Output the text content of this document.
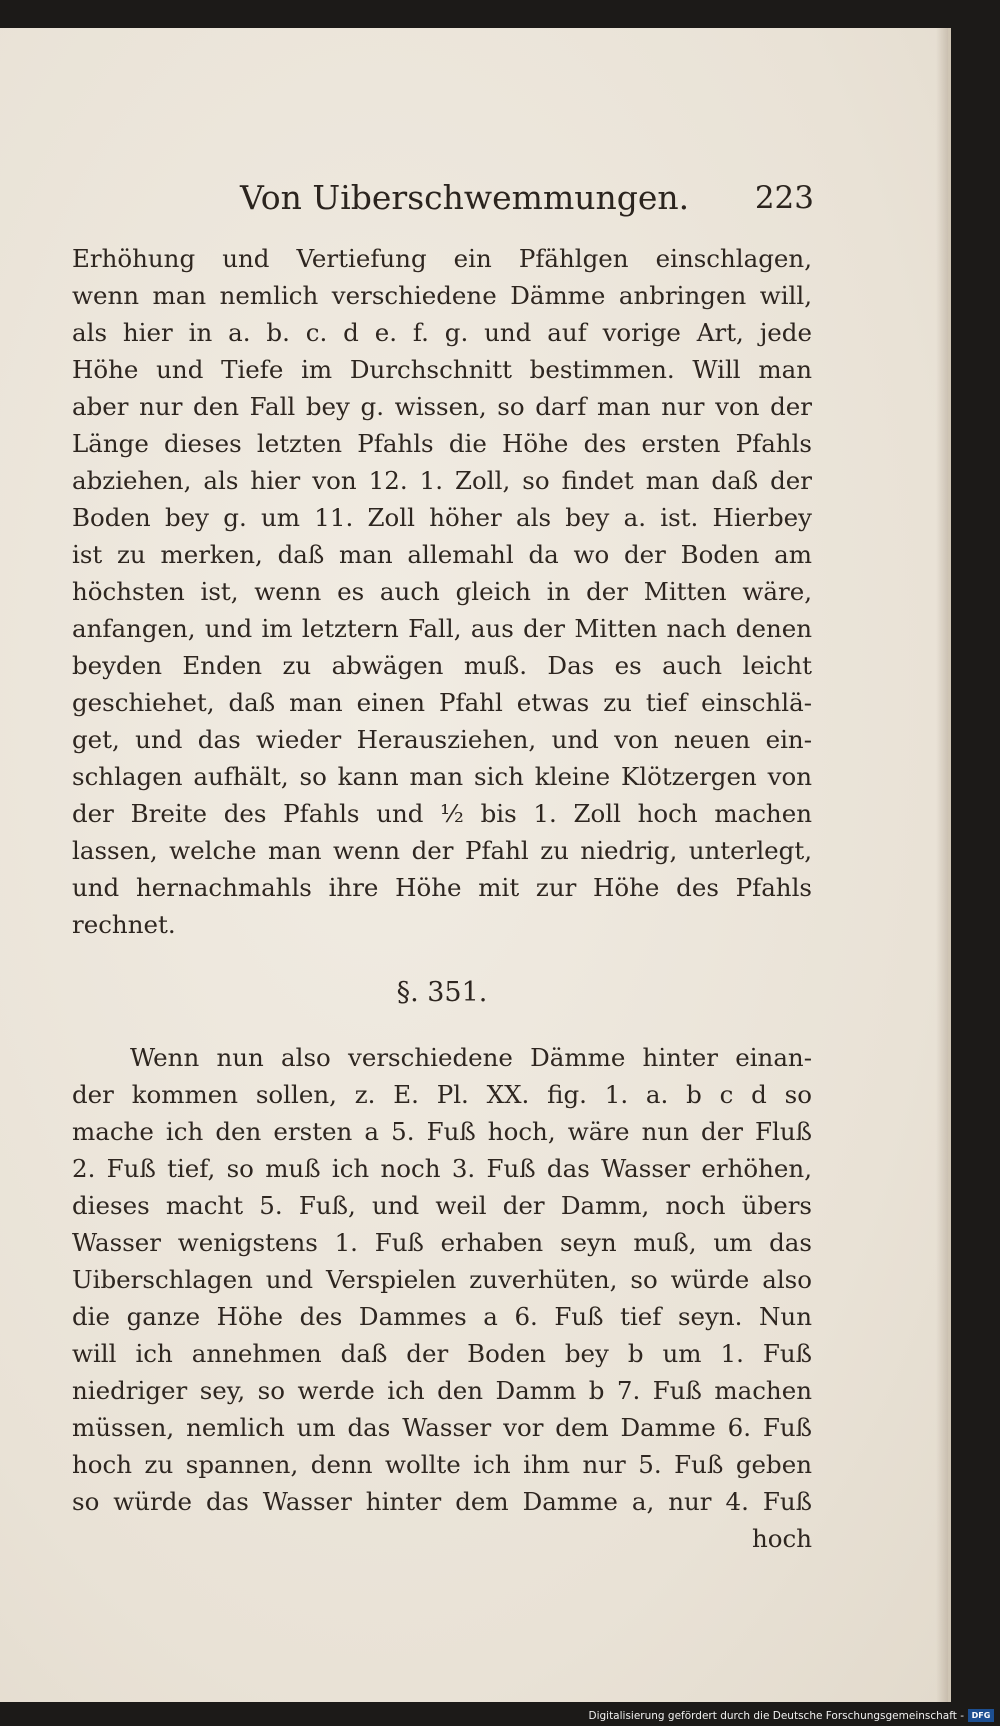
Von Uiberschwemmungen. 223
Erhöhung und Vertiefung ein Pfählgen einschlagen,
wenn man nemlich verschiedene Dämme anbringen will,
als hier in a. b. c. d e. f. g. und auf vorige Art, jede
Höhe und Tiefe im Durchschnitt bestimmen. Will man
aber nur den Fall bey g. wissen, so darf man nur von der
Länge dieses letzten Pfahls die Höhe des ersten Pfahls
abziehen, als hier von 12. 1. Zoll, so findet man daß der
Boden bey g. um 11. Zoll höher als bey a. ist. Hierbey
ist zu merken, daß man allemahl da wo der Boden am
höchsten ist, wenn es auch gleich in der Mitten wäre,
anfangen, und im letztern Fall, aus der Mitten nach denen
beyden Enden zu abwägen muß. Das es auch leicht
geschiehet, daß man einen Pfahl etwas zu tief einschlä-
get, und das wieder Herausziehen, und von neuen ein-
schlagen aufhält, so kann man sich kleine Klötzergen von
der Breite des Pfahls und ½ bis 1. Zoll hoch machen
lassen, welche man wenn der Pfahl zu niedrig, unterlegt,
und hernachmahls ihre Höhe mit zur Höhe des Pfahls
rechnet.
§. 351.
Wenn nun also verschiedene Dämme hinter einan-
der kommen sollen, z. E. Pl. XX. fig. 1. a. b c d so
mache ich den ersten a 5. Fuß hoch, wäre nun der Fluß
2. Fuß tief, so muß ich noch 3. Fuß das Wasser erhöhen,
dieses macht 5. Fuß, und weil der Damm, noch übers
Wasser wenigstens 1. Fuß erhaben seyn muß, um das
Uiberschlagen und Verspielen zuverhüten, so würde also
die ganze Höhe des Dammes a 6. Fuß tief seyn. Nun
will ich annehmen daß der Boden bey b um 1. Fuß
niedriger sey, so werde ich den Damm b 7. Fuß machen
müssen, nemlich um das Wasser vor dem Damme 6. Fuß
hoch zu spannen, denn wollte ich ihm nur 5. Fuß geben
so würde das Wasser hinter dem Damme a, nur 4. Fuß
hoch
Digitalisierung gefördert durch die Deutsche Forschungsgemeinschaft - DFG
